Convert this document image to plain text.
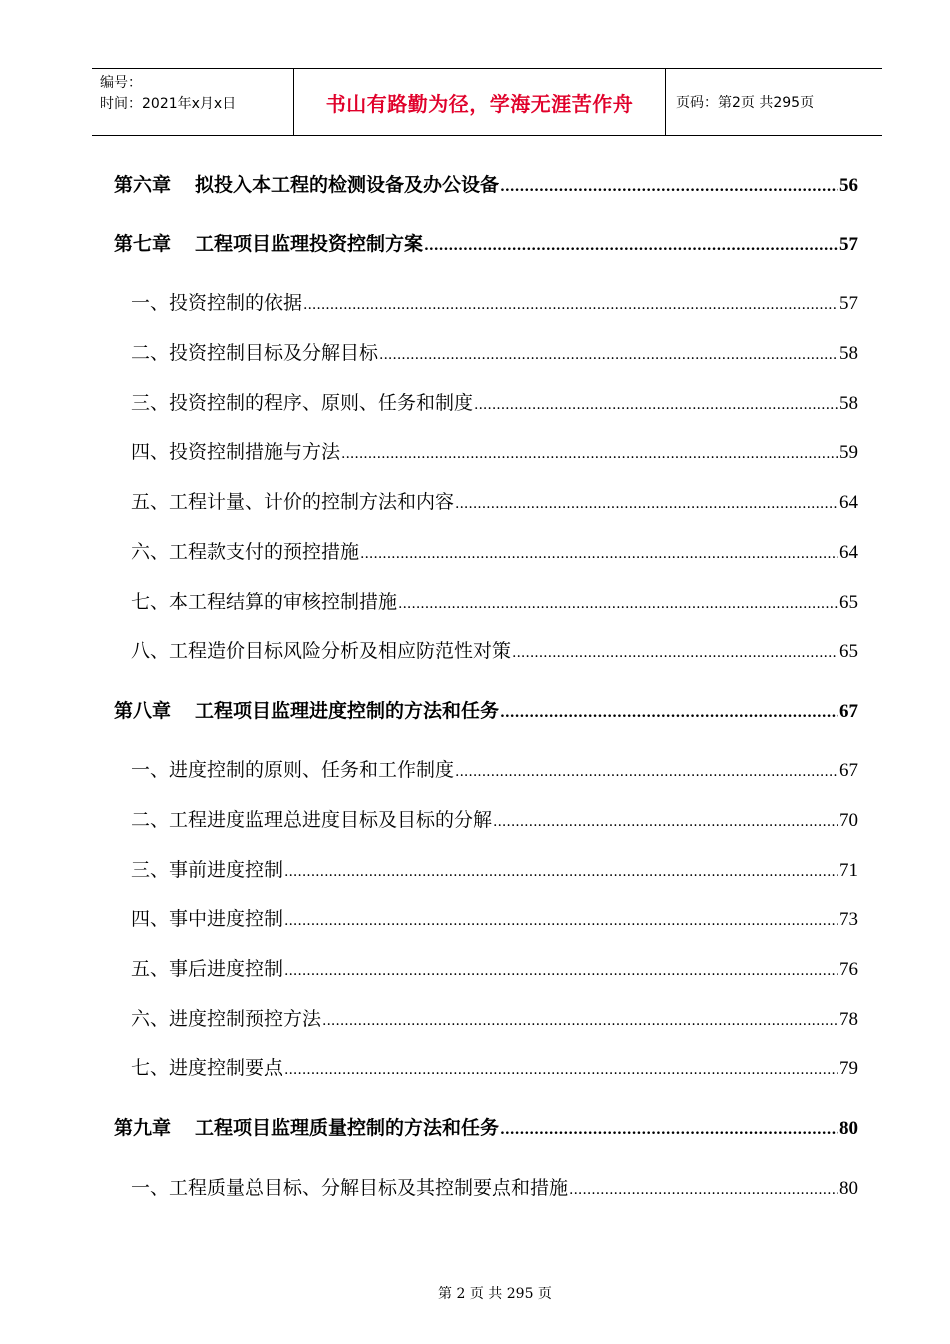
编号：
时间：2021年x月x日	书山有路勤为径，学海无涯苦作舟	页码：第2页 共295页
第六章 拟投入本工程的检测设备及办公设备 .....	56
第七章 工程项目监理投资控制方案 .....	57
一、投资控制的依据 .....	57
二、投资控制目标及分解目标 .....	58
三、投资控制的程序、原则、任务和制度 .....	58
四、投资控制措施与方法 .....	59
五、工程计量、计价的控制方法和内容 .....	64
六、工程款支付的预控措施 .....	64
七、本工程结算的审核控制措施 .....	65
八、工程造价目标风险分析及相应防范性对策 .....	65
第八章 工程项目监理进度控制的方法和任务 .....	67
一、进度控制的原则、任务和工作制度 .....	67
二、工程进度监理总进度目标及目标的分解 .....	70
三、事前进度控制 .....	71
四、事中进度控制 .....	73
五、事后进度控制 .....	76
六、进度控制预控方法 .....	78
七、进度控制要点 .....	79
第九章 工程项目监理质量控制的方法和任务 .....	80
一、工程质量总目标、分解目标及其控制要点和措施 .....	80
第 2 页 共 295 页
